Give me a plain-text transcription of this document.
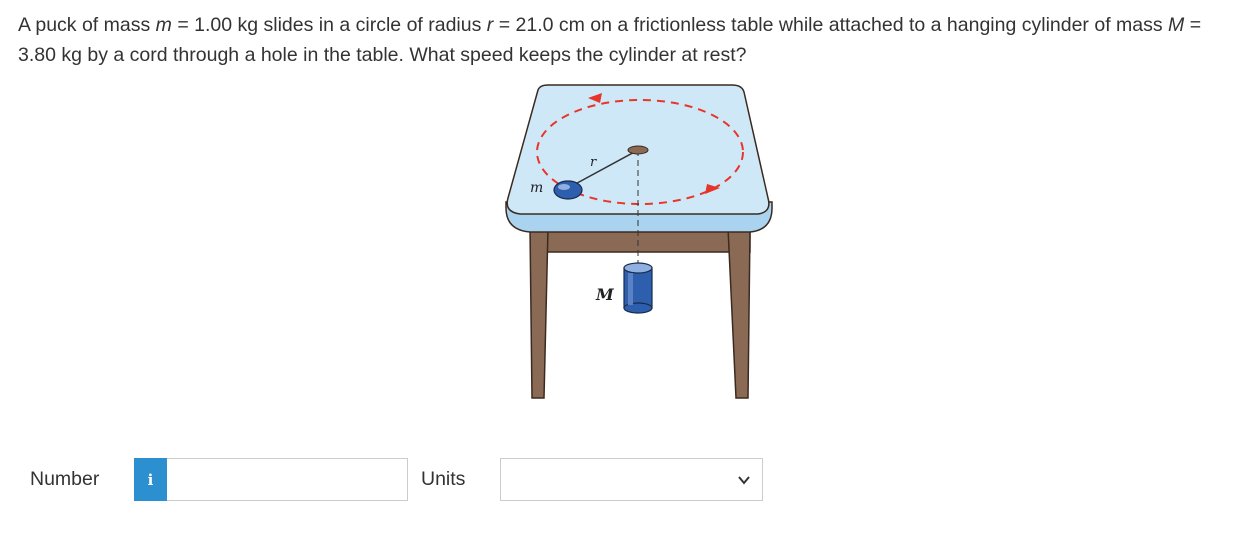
A puck of mass m = 1.00 kg slides in a circle of radius r = 21.0 cm on a frictionless table while attached to a hanging cylinder of mass M = 3.80 kg by a cord through a hole in the table. What speed keeps the cylinder at rest?
m
r
M
Number	i	Units
